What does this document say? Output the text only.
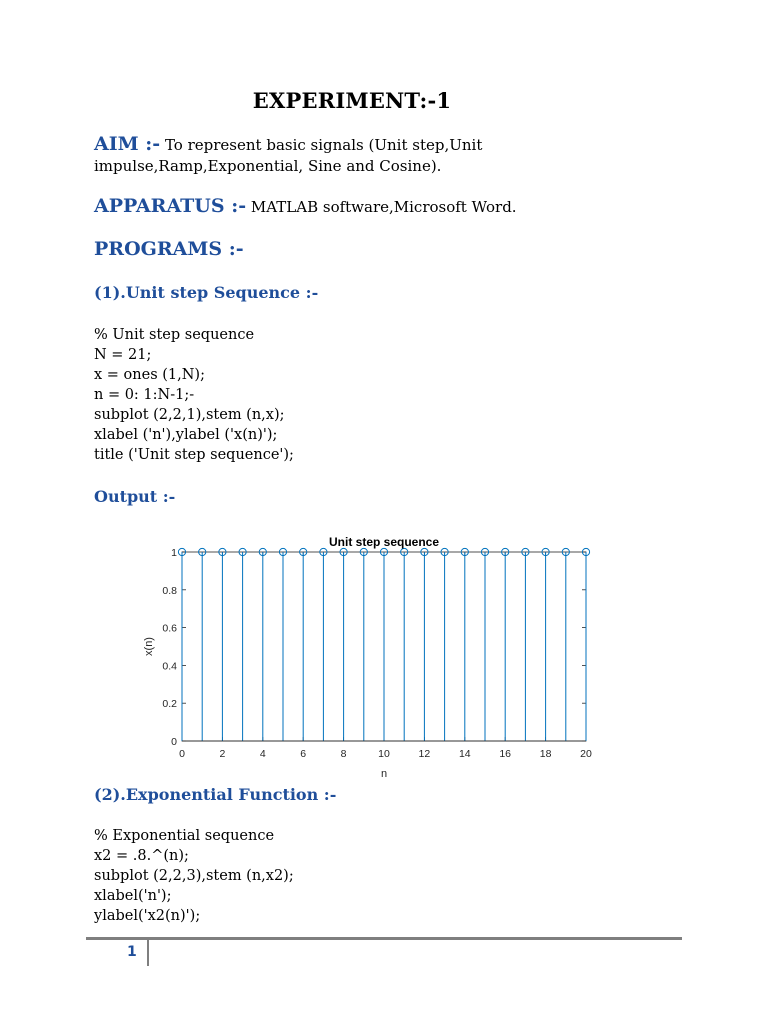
EXPERIMENT:-1
AIM :- To represent basic signals (Unit step,Unit
impulse,Ramp,Exponential, Sine and Cosine).
APPARATUS :- MATLAB software,Microsoft Word.
PROGRAMS :-
(1).Unit step Sequence :-
% Unit step sequence
N = 21;
x = ones (1,N);
n = 0: 1:N-1;-
subplot (2,2,1),stem (n,x);
xlabel ('n'),ylabel ('x(n)');
title ('Unit step sequence');
Output :-
0
0.2
0.4
0.6
0.8
1
0	2	4	6	8	10	12	14	16	18	20
Unit step sequence
n
x(n)
(2).Exponential Function :-
% Exponential sequence
x2 = .8.^(n);
subplot (2,2,3),stem (n,x2);
xlabel('n');
ylabel('x2(n)');
1
